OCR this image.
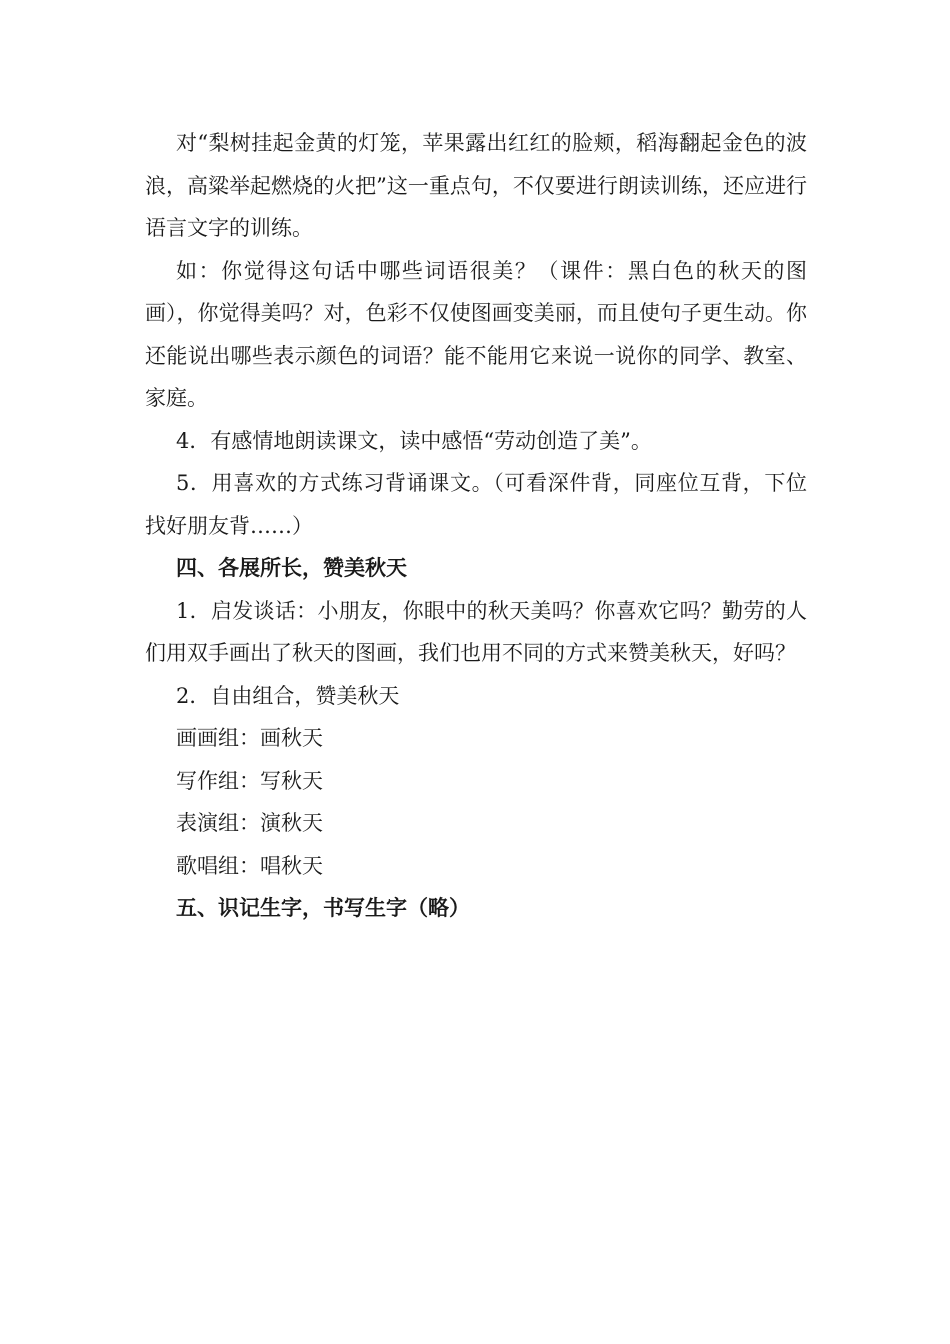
对“梨树挂起金黄的灯笼，苹果露出红红的脸颊，稻海翻起金色的波浪，高粱举起燃烧的火把”这一重点句，不仅要进行朗读训练，还应进行语言文字的训练。

如：你觉得这句话中哪些词语很美？（课件：黑白色的秋天的图画），你觉得美吗？对，色彩不仅使图画变美丽，而且使句子更生动。你还能说出哪些表示颜色的词语？能不能用它来说一说你的同学、教室、家庭。

4．有感情地朗读课文，读中感悟“劳动创造了美”。

5．用喜欢的方式练习背诵课文。（可看深件背，同座位互背，下位找好朋友背……）

四、各展所长，赞美秋天

1．启发谈话：小朋友，你眼中的秋天美吗？你喜欢它吗？勤劳的人们用双手画出了秋天的图画，我们也用不同的方式来赞美秋天，好吗？

2．自由组合，赞美秋天

画画组：画秋天

写作组：写秋天

表演组：演秋天

歌唱组：唱秋天

五、识记生字，书写生字（略）
